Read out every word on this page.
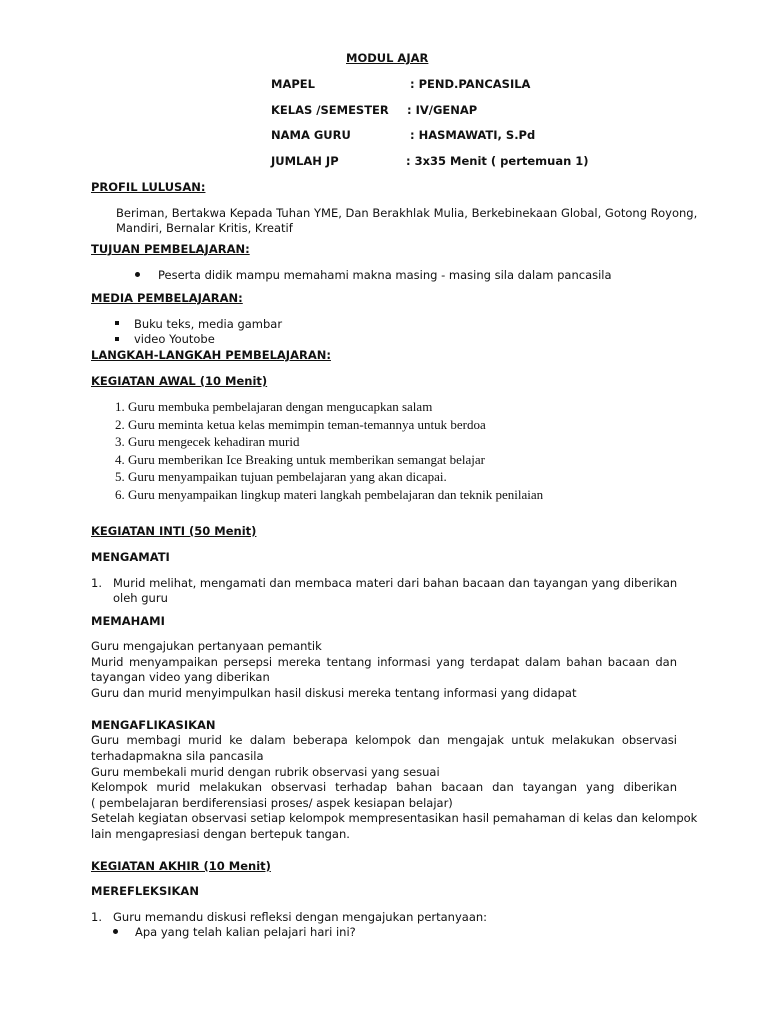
MODUL AJAR
MAPEL	: PEND.PANCASILA
KELAS /SEMESTER : IV/GENAP
NAMA GURU	: HASMAWATI, S.Pd
JUMLAH JP	: 3x35 Menit ( pertemuan 1)
PROFIL LULUSAN:
Beriman, Bertakwa Kepada Tuhan YME, Dan Berakhlak Mulia, Berkebinekaan Global, Gotong Royong,
Mandiri, Bernalar Kritis, Kreatif
TUJUAN PEMBELAJARAN:
Peserta didik mampu memahami makna masing - masing sila dalam pancasila
MEDIA PEMBELAJARAN:
Buku teks, media gambar
video Youtobe
LANGKAH-LANGKAH PEMBELAJARAN:
KEGIATAN AWAL (10 Menit)
1. Guru membuka pembelajaran dengan mengucapkan salam
2. Guru meminta ketua kelas memimpin teman-temannya untuk berdoa
3. Guru mengecek kehadiran murid
4. Guru memberikan Ice Breaking untuk memberikan semangat belajar
5. Guru menyampaikan tujuan pembelajaran yang akan dicapai.
6. Guru menyampaikan lingkup materi langkah pembelajaran dan teknik penilaian
KEGIATAN INTI (50 Menit)
MENGAMATI
1. Murid melihat, mengamati dan membaca materi dari bahan bacaan dan tayangan yang diberikan
oleh guru
MEMAHAMI
Guru mengajukan pertanyaan pemantik
Murid menyampaikan persepsi mereka tentang informasi yang terdapat dalam bahan bacaan dan
tayangan video yang diberikan
Guru dan murid menyimpulkan hasil diskusi mereka tentang informasi yang didapat
MENGAFLIKASIKAN
Guru membagi murid ke dalam beberapa kelompok dan mengajak untuk melakukan observasi
terhadapmakna sila pancasila
Guru membekali murid dengan rubrik observasi yang sesuai
Kelompok murid melakukan observasi terhadap bahan bacaan dan tayangan yang diberikan
( pembelajaran berdiferensiasi proses/ aspek kesiapan belajar)
Setelah kegiatan observasi setiap kelompok mempresentasikan hasil pemahaman di kelas dan kelompok
lain mengapresiasi dengan bertepuk tangan.
KEGIATAN AKHIR (10 Menit)
MEREFLEKSIKAN
1. Guru memandu diskusi refleksi dengan mengajukan pertanyaan:
Apa yang telah kalian pelajari hari ini?
